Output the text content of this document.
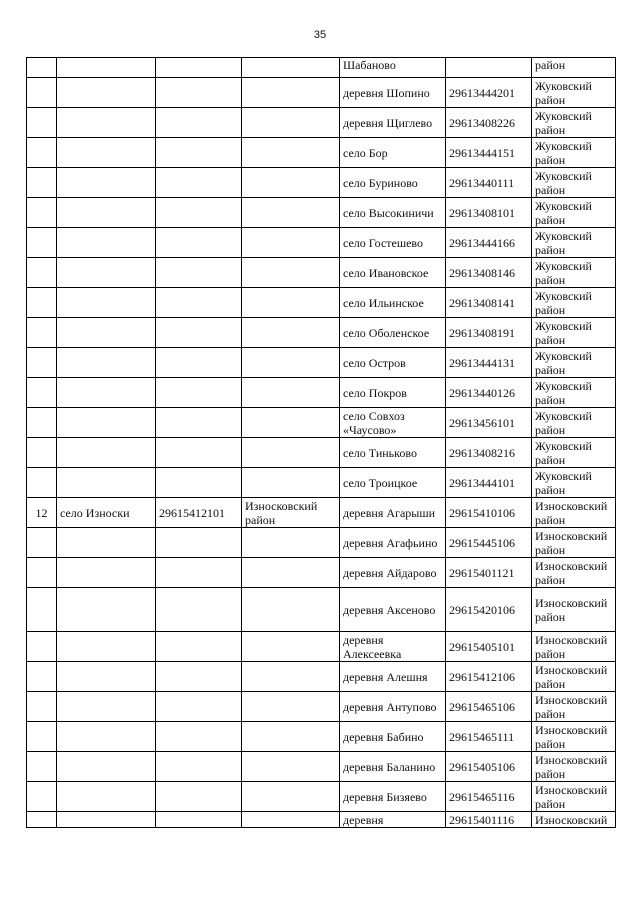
35
				Шабаново		район
				деревня Шопино	29613444201	Жуковский район
				деревня Щиглево	29613408226	Жуковский район
				село Бор	29613444151	Жуковский район
				село Буриново	29613440111	Жуковский район
				село Высокиничи	29613408101	Жуковский район
				село Гостешево	29613444166	Жуковский район
				село Ивановское	29613408146	Жуковский район
				село Ильинское	29613408141	Жуковский район
				село Оболенское	29613408191	Жуковский район
				село Остров	29613444131	Жуковский район
				село Покров	29613440126	Жуковский район
				село Совхоз «Чаусово»	29613456101	Жуковский район
				село Тиньково	29613408216	Жуковский район
				село Троицкое	29613444101	Жуковский район
12	село Износки	29615412101	Износковский район	деревня Агарыши	29615410106	Износковский район
				деревня Агафьино	29615445106	Износковский район
				деревня Айдарово	29615401121	Износковский район
				деревня Аксеново	29615420106	Износковский район
				деревня Алексеевка	29615405101	Износковский район
				деревня Алешня	29615412106	Износковский район
				деревня Антупово	29615465106	Износковский район
				деревня Бабино	29615465111	Износковский район
				деревня Баланино	29615405106	Износковский район
				деревня Бизяево	29615465116	Износковский район
				деревня	29615401116	Износковский
